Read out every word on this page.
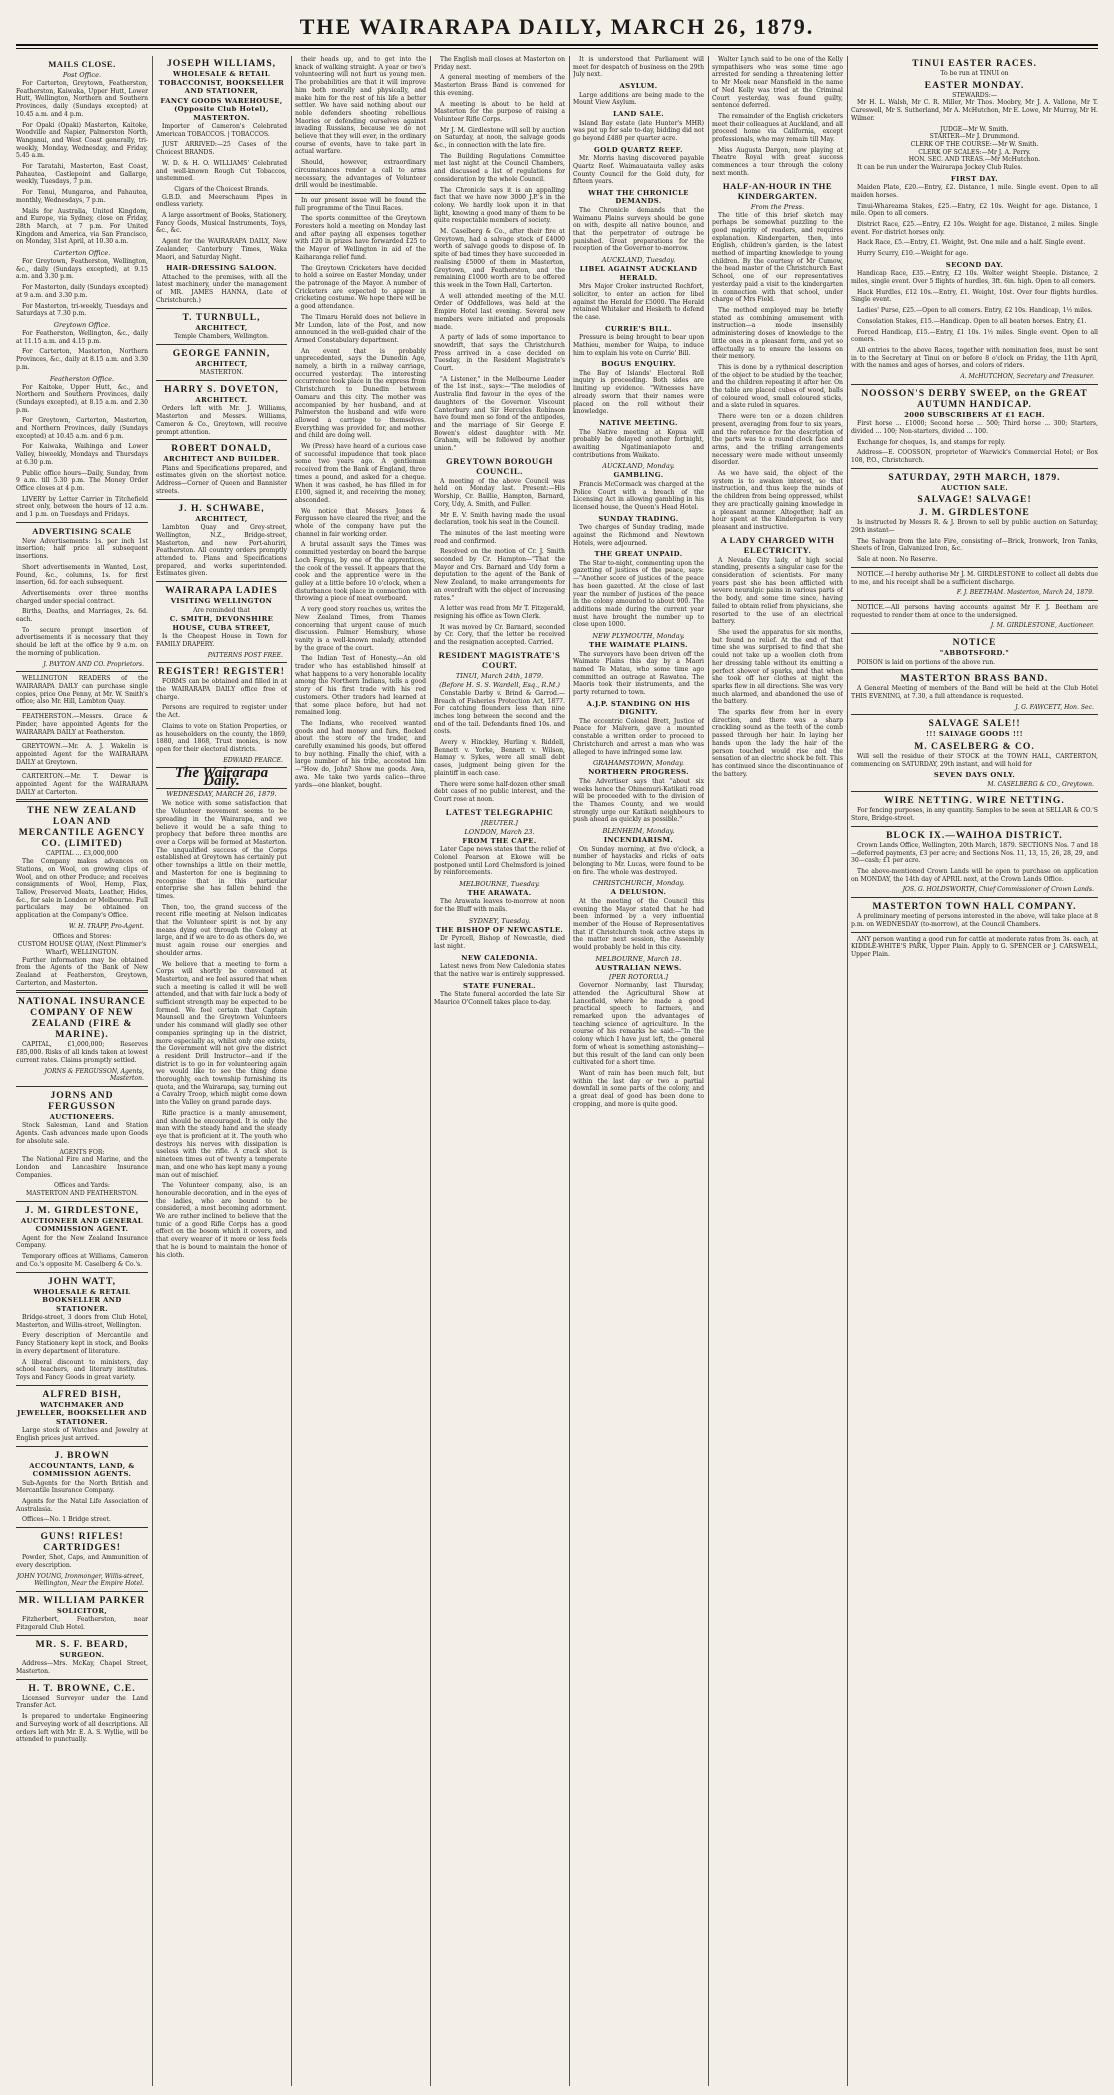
THE WAIRARAPA DAILY, MARCH 26, 1879.
MAILS CLOSE.
Post Office.
For Carterton, Greytown, Featherston, Featherston, Kaiwaka, Upper Hutt, Lower Hutt, Wellington, Northern and Southern Provinces, daily (Sundays excepted) at 10.45 a.m. and 4 p.m.
For Opaki (Opaki) Masterton, Kaitoke, Woodville and Napier, Palmerston North, Wanganui, and West Coast generally, tri-weekly, Monday, Wednesday, and Friday, 5.45 a.m.
For Taratahi, Masterton, East Coast, Pahautea, Castlepoint and Gallarge, weekly, Tuesdays, 7 p.m.
For Tenui, Mungaroa, and Pahautea, monthly, Wednesdays, 7 p.m.
Mails for Australia, United Kingdom, and Europe, via Sydney, close on Friday, 28th March, at 7 p.m. For United Kingdom and America, via San Francisco, on Monday, 31st April, at 10.30 a.m.
Carterton Office.
For Greytown, Featherston, Wellington, &c., daily (Sundays excepted), at 9.15 a.m. and 3.30 p.m.
For Masterton, daily (Sundays excepted) at 9 a.m. and 3.30 p.m.
For Masterton, tri-weekly, Tuesdays and Saturdays at 7.30 p.m.
Greytown Office.
For Featherston, Wellington, &c., daily at 11.15 a.m. and 4.15 p.m.
For Carterton, Masterton, Northern Provinces, &c., daily at 8.15 a.m. and 3.30 p.m.
Featherston Office.
For Kaitoke, Upper Hutt, &c., and Northern and Southern Provinces, daily (Sundays excepted), at 8.15 a.m. and 2.30 p.m.
For Greytown, Carterton, Masterton, and Northern Provinces, daily (Sundays excepted) at 10.45 a.m. and 6 p.m.
For Kaiwaka, Waihinga and Lower Valley, biweekly, Mondays and Thursdays at 6.30 p.m.
Public office hours—Daily, Sunday, from 9 a.m. till 5.30 p.m. The Money Order Office closes at 4 p.m.
LIVERY by Letter Carrier in Titchefield street only, between the hours of 12 a.m. and 1 p.m. on Tuesdays and Fridays.
ADVERTISING SCALE
New Advertisements: 1s. per inch 1st insertion; half price all subsequent insertions.
Short advertisements in Wanted, Lost, Found, &c., columns, 1s. for first insertion, 6d. for each subsequent.
Advertisements over three months charged under special contract.
Births, Deaths, and Marriages, 2s. 6d. each.
To secure prompt insertion of advertisements it is necessary that they should be left at the office by 9 a.m. on the morning of publication.
J. PAYTON AND CO. Proprietors.
WELLINGTON READERS of the WAIRARAPA DAILY can purchase single copies, price One Penny, at Mr. W. Smith's office; also Mr. Hill, Lambton Quay.
FEATHERSTON.—Messrs. Grace & Pinder, have appointed Agents for the WAIRARAPA DAILY at Featherston.
GREYTOWN.—Mr. A. J. Wakelin is appointed Agent for the WAIRARAPA DAILY at Greytown.
CARTERTON.—Mr. T. Dewar is appointed Agent for the WAIRARAPA DAILY at Carterton.
THE NEW ZEALAND LOAN AND MERCANTILE AGENCY CO. (LIMITED)
CAPITAL ... £3,000,000
The Company makes advances on Stations, on Wool, on growing clips of Wool, and on other Produce; and receives consignments of Wool, Hemp, Flax, Tallow, Preserved Meats, Leather, Hides, &c., for sale in London or Melbourne. Full particulars may be obtained on application at the Company's Office.
W. H. TRAPP, Pro-Agent.
Offices and Stores:
CUSTOM HOUSE QUAY, (Next Plimmer's Wharf), WELLINGTON.
Further information may be obtained from the Agents of the Bank of New Zealand at Featherston, Greytown, Carterton, and Masterton.
NATIONAL INSURANCE COMPANY OF NEW ZEALAND (FIRE & MARINE).
CAPITAL, £1,000,000; Reserves £85,000. Risks of all kinds taken at lowest current rates. Claims promptly settled.
JORNS & FERGUSSON, Agents, Masterton.
JORNS AND FERGUSSON
AUCTIONEERS.
Stock Salesman, Land and Station Agents. Cash advances made upon Goods for absolute sale.
AGENTS FOR:
The National Fire and Marine, and the London and Lancashire Insurance Companies.
Offices and Yards:
MASTERTON AND FEATHERSTON.
J. M. GIRDLESTONE,
AUCTIONEER AND GENERAL COMMISSION AGENT.
Agent for the New Zealand Insurance Company.
Temporary offices at Williams, Cameron and Co.'s opposite M. Caselberg & Co.'s.
JOHN WATT,
WHOLESALE & RETAIL BOOKSELLER AND STATIONER.
Bridge-street, 3 doors from Club Hotel, Masterton, and Willis-street, Wellington.
Every description of Mercantile and Fancy Stationery kept in stock, and Books in every department of literature.
A liberal discount to ministers, day school teachers, and literary institutes. Toys and Fancy Goods in great variety.
ALFRED BISH,
WATCHMAKER AND JEWELLER, BOOKSELLER AND STATIONER.
Large stock of Watches and Jewelry at English prices just arrived.
J. BROWN
ACCOUNTANTS, LAND, & COMMISSION AGENTS.
Sub-Agents for the North British and Mercantile Insurance Company.
Agents for the Natal Life Association of Australasia.
Offices—No. 1 Bridge street.
GUNS! RIFLES! CARTRIDGES!
Powder, Shot, Caps, and Ammunition of every description.
JOHN YOUNG, Ironmonger, Willis-street, Wellington, Near the Empire Hotel.
MR. WILLIAM PARKER
SOLICITOR,
Fitzherbert, Featherston, near Fitzgerald Club Hotel.
MR. S. F. BEARD,
SURGEON.
Address—Mrs. McKay, Chapel Street, Masterton.
H. T. BROWNE, C.E.
Licensed Surveyor under the Land Transfer Act.
Is prepared to undertake Engineering and Surveying work of all descriptions. All orders left with Mr. E. A. S. Wyllie, will be attended to punctually.
JOSEPH WILLIAMS,
WHOLESALE & RETAIL TOBACCONIST, BOOKSELLER AND STATIONER,
FANCY GOODS WAREHOUSE, (Opposite Club Hotel), MASTERTON.
Importer of Cameron's Celebrated American TOBACCOS. | TOBACCOS.
JUST ARRIVED:—25 Cases of the Choicest BRANDS.
W. D. & H. O. WILLIAMS' Celebrated and well-known Rough Cut Tobaccos, unstemmed.
Cigars of the Choicest Brands.
G.B.D. and Meerschaum Pipes in endless variety.
A large assortment of Books, Stationery, Fancy Goods, Musical Instruments, Toys, &c., &c.
Agent for the WAIRARAPA DAILY, New Zealander, Canterbury Times, Waka Maori, and Saturday Night.
HAIR-DRESSING SALOON.
Attached to the premises, with all the latest machinery, under the management of MR. JAMES HANNA, (Late of Christchurch.)
T. TURNBULL,
ARCHITECT,
Temple Chambers, Wellington.
GEORGE FANNIN,
ARCHITECT,
MASTERTON.
HARRY S. DOVETON,
ARCHITECT.
Orders left with Mr. J. Williams, Masterton and Messrs. Williams, Cameron & Co., Greytown, will receive prompt attention.
ROBERT DONALD,
ARCHITECT AND BUILDER.
Plans and Specifications prepared, and estimates given on the shortest notice. Address—Corner of Queen and Bannister streets.
J. H. SCHWABE,
ARCHITECT,
Lambton Quay and Grey-street, Wellington, N.Z., Bridge-street, Masterton, and new Port-ahuriri, Featherston. All country orders promptly attended to. Plans and Specifications prepared, and works superintended. Estimates given.
WAIRARAPA LADIES
VISITING WELLINGTON
Are reminded that
C. SMITH, DEVONSHIRE HOUSE, CUBA STREET,
Is the Cheapest House in Town for FAMILY DRAPERY.
PATTERNS POST FREE.
REGISTER! REGISTER!
FORMS can be obtained and filled in at the WAIRARAPA DAILY office free of charge.
Persons are required to register under the Act.
Claims to vote on Station Properties, or as householders on the county, the 1869, 1880, and 1868, Trust monies, is now open for their electoral districts.
EDWARD PEARCE.
The Wairarapa Daily.
WEDNESDAY, MARCH 26, 1879.
We notice with some satisfaction that the Volunteer movement seems to be spreading in the Wairarapa, and we believe it would be a safe thing to prophecy that before three months are over a Corps will be formed at Masterton. The unqualified success of the Corps established at Greytown has certainly put other townships a little on their mettle, and Masterton for one is beginning to recognise that in this particular enterprise she has fallen behind the times.
Then, too, the grand success of the recent rifle meeting at Nelson indicates that the Volunteer spirit is not by any means dying out through the Colony at large, and if we are to do as others do, we must again rouse our energies and shoulder arms.
We believe that a meeting to form a Corps will shortly be convened at Masterton, and we feel assured that when such a meeting is called it will be well attended, and that with fair luck a body of sufficient strength may be expected to be formed. We feel certain that Captain Maunsell and the Greytown Volunteers under his command will gladly see other companies springing up in the district, more especially as, whilst only one exists, the Government will not give the district a resident Drill Instructor—and if the district is to go in for volunteering again we would like to see the thing done thoroughly, each township furnishing its quota, and the Wairarapa, say, turning out a Cavalry Troop, which might come down into the Valley on grand parade days.
Rifle practice is a manly amusement, and should be encouraged. It is only the man with the steady hand and the steady eye that is proficient at it. The youth who destroys his nerves with dissipation is useless with the rifle. A crack shot is nineteen times out of twenty a temperate man, and one who has kept many a young man out of mischief.
The Volunteer company, also, is an honourable decoration, and in the eyes of the ladies, who are bound to be considered, a most becoming adornment. We are rather inclined to believe that the tunic of a good Rifle Corps has a good effect on the bosom which it covers, and that every wearer of it more or less feels that he is bound to maintain the honor of his cloth.
their heads up, and to get into the knack of walking straight. A year or two's volunteering will not hurt us young men. The probabilities are that it will improve him both morally and physically, and make him for the rest of his life a better settler. We have said nothing about our noble defenders shooting rebellious Maories or defending ourselves against invading Russians, because we do not believe that they will ever, in the ordinary course of events, have to take part in actual warfare.
Should, however, extraordinary circumstances render a call to arms necessary, the advantages of Volunteer drill would be inestimable.
In our present issue will be found the full programme of the Tinui Races.
The sports committee of the Greytown Foresters hold a meeting on Monday last and after paying all expenses together with £20 in prizes have forwarded £25 to the Mayor of Wellington in aid of the Kaiharanga relief fund.
The Greytown Cricketers have decided to hold a soiree on Easter Monday, under the patronage of the Mayor. A number of Cricketers are expected to appear in cricketing costume. We hope there will be a good attendance.
The Timaru Herald does not believe in Mr Lundon, late of the Post, and now announced in the well-guided chair of the Armed Constabulary department.
An event that is probably unprecedented, says the Dunedin Age, namely, a birth in a railway carriage, occurred yesterday. The interesting occurrence took place in the express from Christchurch to Dunedin between Oamaru and this city. The mother was accompanied by her husband, and at Palmerston the husband and wife were allowed a carriage to themselves. Everything was provided for, and mother and child are doing well.
We (Press) have heard of a curious case of successful impudence that took place some two years ago. A gentleman received from the Bank of England, three times a pound, and asked for a cheque. When it was cashed, he has filled in for £100, signed it, and receiving the money, absconded.
We notice that Messrs Jones & Fergusson have cleared the river, and the whole of the company have put the channel in fair working order.
A brutal assault says the Times was committed yesterday on board the barque Loch Fergus, by one of the apprentices, the cook of the vessel. It appears that the cook and the apprentice were in the galley at a little before 10 o'clock, when a disturbance took place in connection with throwing a piece of meat overboard.
A very good story reaches us, writes the New Zealand Times, from Thames concerning that urgent cause of much discussion. Palmer Hemsbury, whose vanity is a well-known malady, attended by the grace of the court.
The Indian Test of Honesty.—An old trader who has established himself at what happens to a very honorable locality among the Northern Indians, tells a good story of his first trade with his red customers. Other traders had learned at that some place before, but had not remained long.
The Indians, who received wanted goods and had money and furs, flocked about the store of the trader, and carefully examined his goods, but offered to buy nothing. Finally the chief, with a large number of his tribe, accosted him—"How do, John? Show me goods. Awa, awa. Me take two yards calico—three yards—one blanket, bought.
The English mail closes at Masterton on Friday next.
A general meeting of members of the Masterton Brass Band is convened for this evening.
A meeting is about to be held at Masterton for the purpose of raising a Volunteer Rifle Corps.
Mr J. M. Girdlestone will sell by auction on Saturday, at noon, the salvage goods &c., in connection with the late fire.
The Building Regulations Committee met last night at the Council Chambers, and discussed a list of regulations for consideration by the whole Council.
The Chronicle says it is an appalling fact that we have now 3000 J.P.'s in the colony. We hardly look upon it in that light, knowing a good many of them to be quite respectable members of society.
M. Caselberg & Co., after their fire at Greytown, had a salvage stock of £4000 worth of salvage goods to dispose of. In spite of bad times they have succeeded in realising £5000 of them in Masterton, Greytown, and Featherston, and the remaining £1000 worth are to be offered this week in the Town Hall, Carterton.
A well attended meeting of the M.U. Order of Oddfellows, was held at the Empire Hotel last evening. Several new members were initiated and proposals made.
A party of lads of some importance to snowdrift, that says the Christchurch Press arrived in a case decided on Tuesday, in the Resident Magistrate's Court.
"A Listener," in the Melbourne Leader of the 1st inst., says:—"The melodies of Australia find favour in the eyes of the daughters of the Governor. Viscount Canterbury and Sir Hercules Robinson have found men so fond of the antipodes, and the marriage of Sir George F. Bowen's eldest daughter with Mr. Graham, will be followed by another union."
GREYTOWN BOROUGH COUNCIL.
A meeting of the above Council was held on Monday last. Present:—His Worship, Cr. Baillie, Hampton, Barnard, Cory, Udy, A. Smith, and Fuller.
Mr E. V. Smith having made the usual declaration, took his seat in the Council.
The minutes of the last meeting were read and confirmed.
Resolved on the motion of Cr. J. Smith seconded by Cr. Hampton—"That the Mayor and Crs. Barnard and Udy form a deputation to the agent of the Bank of New Zealand, to make arrangements for an overdraft with the object of increasing rates."
A letter was read from Mr T. Fitzgerald, resigning his office as Town Clerk.
It was moved by Cr. Barnard, seconded by Cr. Cory, that the letter be received and the resignation accepted. Carried.
RESIDENT MAGISTRATE'S COURT.
TINUI, March 24th, 1879.
(Before H. S. S. Wardell, Esq., R.M.)
Constable Darby v. Brind & Garrod.—Breach of Fisheries Protection Act, 1877. For catching flounders less than nine inches long between the second and the end of the tail. Defendants fined 10s. and costs.
Avery v. Hinckley, Hurling v. Riddell, Bennett v. Yorke, Bennett v. Wilson, Hamay v. Sykes, were all small debt cases, judgment being given for the plaintiff in each case.
There were some half-dozen other small debt cases of no public interest, and the Court rose at noon.
LATEST TELEGRAPHIC
[REUTER.]
LONDON, March 23.
FROM THE CAPE.
Later Cape news states that the relief of Colonel Pearson at Ekowe will be postponed until Lord Chelmsford is joined by reinforcements.
MELBOURNE, Tuesday.
THE ARAWATA.
The Arawata leaves to-morrow at noon for the Bluff with mails.
SYDNEY, Tuesday.
THE BISHOP OF NEWCASTLE.
Dr Pyrcell, Bishop of Newcastle, died last night.
NEW CALEDONIA.
Latest news from New Caledonia states that the native war is entirely suppressed.
STATE FUNERAL.
The State funeral accorded the late Sir Maurice O'Connell takes place to-day.
It is understood that Parliament will meet for despatch of business on the 29th July next.
ASYLUM.
Large additions are being made to the Mount View Asylum.
LAND SALE.
Island Bay estate (late Hunter's MHR) was put up for sale to-day, bidding did not go beyond £480 per quarter acre.
GOLD QUARTZ REEF.
Mr. Morris having discovered payable Quartz Reef. Waimauatauta valley asks County Council for the Gold duty, for fifteen years.
WHAT THE CHRONICLE DEMANDS.
The Chronicle demands that the Waimanu Plains surveys should be gone on with, despite all native bounce, and that the perpetrator of outrage be punished. Great preparations for the reception of the Governor to-morrow.
AUCKLAND, Tuesday.
LIBEL AGAINST AUCKLAND HERALD.
Mrs Major Croker instructed Rochfort, solicitor, to enter an action for libel against the Herald for £5000. The Herald retained Whitaker and Hesketh to defend the case.
CURRIE'S BILL.
Pressure is being brought to bear upon Mathieu, member for Waipa, to induce him to explain his vote on Currie' Bill.
BOGUS ENQUIRY.
The Bay of Islands' Electoral Roll inquiry is proceeding. Both sides are limiting up evidence. "Witnesses have already sworn that their names were placed on the roll without their knowledge.
NATIVE MEETING.
The Native meeting at Kopua will probably be delayed another fortnight, awaiting Ngatimaniapoto and contributions from Waikato.
AUCKLAND, Monday.
GAMBLING.
Francis McCormack was charged at the Police Court with a breach of the Licensing Act in allowing gambling in his licensed house, the Queen's Head Hotel.
SUNDAY TRADING.
Two charges of Sunday trading, made against the Richmond and Newtown Hotels, were adjourned.
THE GREAT UNPAID.
The Star to-night, commenting upon the gazetting of justices of the peace, says:—"Another score of justices of the peace has been gazetted. At the close of last year the number of justices of the peace in the colony amounted to about 900. The additions made during the current year must have brought the number up to close upon 1000.
NEW PLYMOUTH, Monday.
THE WAIMATE PLAINS.
The surveyors have been driven off the Waimate Plains this day by a Maori named Te Matau, who some time ago committed an outrage at Rawatea. The Maoris took their instruments, and the party returned to town.
A.J.P. STANDING ON HIS DIGNITY.
The eccentric Colonel Brett, Justice of Peace for Malvern, gave a mounted constable a written order to proceed to Christchurch and arrest a man who was alleged to have infringed some law.
GRAHAMSTOWN, Monday.
NORTHERN PROGRESS.
The Advertiser says that "about six weeks hence the Ohinemuri-Katikati road will be proceeded with to the division of the Thames County, and we would strongly urge our Katikati neighbours to push ahead as quickly as possible."
BLENHEIM, Monday.
INCENDIARISM.
On Sunday morning, at five o'clock, a number of haystacks and ricks of oats belonging to Mr. Lucas, were found to be on fire. The whole was destroyed.
CHRISTCHURCH, Monday.
A DELUSION.
At the meeting of the Council this evening the Mayor stated that he had been informed by a very influential member of the House of Representatives that if Christchurch took active steps in the matter next session, the Assembly would probably be held in this city.
MELBOURNE, March 18.
AUSTRALIAN NEWS.
[PER ROTORUA.]
Governor Normanby, last Thursday, attended the Agricultural Show at Lancefield, where he made a good practical speech to farmers, and remarked upon the advantages of teaching science of agriculture. In the course of his remarks he said:—"In the colony which I have just left, the general form of wheat is something astonishing—but this result of the land can only been cultivated for a short time.
Want of rain has been much felt, but within the last day or two a partial downfall in some parts of the colony, and a great deal of good has been done to cropping, and more is quite good.
Walter Lynch said to be one of the Kelly sympathisers who was some time ago arrested for sending a threatening letter to Mr Meek near Mansfield in the name of Ned Kelly was tried at the Criminal Court yesterday, was found guilty, sentence deferred.
The remainder of the English cricketers meet their colleagues at Auckland, and all proceed home via California, except professionals, who may remain till May.
Miss Augusta Dargon, now playing at Theatre Royal with great success commences a tour through the colony next month.
HALF-AN-HOUR IN THE KINDERGARTEN.
From the Press.
The title of this brief sketch may perhaps be somewhat puzzling to the good majority of readers, and requires explanation. Kindergarten, then, into English, children's garden, is the latest method of imparting knowledge to young children. By the courtesy of Mr Cumow, the head master of the Christchurch East School, one of our representatives yesterday paid a visit to the kindergarten in connection with that school, under charge of Mrs Field.
The method employed may be briefly stated as combining amusement with instruction—a mode insensibly administering doses of knowledge to the little ones in a pleasant form, and yet so effectually as to ensure the lessons on their memory.
This is done by a rythmical description of the object to be studied by the teacher, and the children repeating it after her. On the table are placed cubes of wood, balls of coloured wood, small coloured sticks, and a slate ruled in squares.
There were ten or a dozen children present, averaging from four to six years, and the reference for the description of the parts was to a round clock face and arms, and the trifling arrangements necessary were made without unseemly disorder.
As we have said, the object of the system is to awaken interest, so that instruction, and thus keep the minds of the children from being oppressed, whilst they are practically gaining knowledge in a pleasant manner. Altogether, half an hour spent at the Kindergarten is very pleasant and instructive.
A LADY CHARGED WITH ELECTRICITY.
A Nevada City lady, of high social standing, presents a singular case for the consideration of scientists. For many years past she has been afflicted with severe neuralgic pains in various parts of the body, and some time since, having failed to obtain relief from physicians, she resorted to the use of an electrical battery.
She used the apparatus for six months, but found no relief. At the end of that time she was surprised to find that she could not take up a woollen cloth from her dressing table without its emitting a perfect shower of sparks, and that when she took off her clothes at night the sparks flew in all directions. She was very much alarmed, and abandoned the use of the battery.
The sparks flew from her in every direction, and there was a sharp crackling sound as the teeth of the comb passed through her hair. In laying her hands upon the lady the hair of the person touched would rise and the sensation of an electric shock be felt. This has continued since the discontinuance of the battery.
TINUI EASTER RACES.
To be run at TINUI on
EASTER MONDAY.
STEWARDS:—
Mr H. L. Walsh, Mr C. R. Miller, Mr Thos. Moobry, Mr J. A. Vallone, Mr T. Careswell, Mr S. Sutherland, Mr A. McHutchon, Mr E. Lowe, Mr Murray, Mr H. Wilmer.
JUDGE—Mr W. Smith.
STARTER—Mr J. Drummond.
CLERK OF THE COURSE:—Mr W. Smith.
CLERK OF SCALES:—Mr J. A. Perry.
HON. SEC. AND TREAS.—Mr McHutchon.
It can be run under the Wairarapa Jockey Club Rules.
FIRST DAY.
Maiden Plate, £20.—Entry, £2. Distance, 1 mile. Single event. Open to all maiden horses.
Tinui-Whareama Stakes, £25.—Entry, £2 10s. Weight for age. Distance, 1 mile. Open to all comers.
District Race, £25.—Entry, £2 10s. Weight for age. Distance, 2 miles. Single event. For district horses only.
Hack Race, £5.—Entry, £1. Weight, 9st. One mile and a half. Single event.
Hurry Scurry, £10.—Weight for age.
SECOND DAY.
Handicap Race, £35.—Entry, £2 10s. Welter weight Steeple. Distance, 2 miles, single event. Over 5 flights of hurdles, 3ft. 6in. high. Open to all comers.
Hack Hurdles, £12 10s.—Entry, £1. Weight, 10st. Over four flights hurdles. Single event.
Ladies' Purse, £25.—Open to all comers. Entry, £2 10s. Handicap, 1½ miles.
Consolation Stakes, £15.—Handicap. Open to all beaten horses. Entry, £1.
Forced Handicap, £15.—Entry, £1 10s. 1½ miles. Single event. Open to all comers.
All entries to the above Races, together with nomination fees, must be sent in to the Secretary at Tinui on or before 8 o'clock on Friday, the 11th April, with the names and ages of horses, and colors of riders.
A. McHUTCHON, Secretary and Treasurer.
NOOSSON'S DERBY SWEEP, on the GREAT AUTUMN HANDICAP.
2000 SUBSCRIBERS AT £1 EACH.
First horse ... £1000; Second horse ... 500; Third horse ... 300; Starters, divided ... 100; Non-starters, divided ... 100.
Exchange for cheques, 1s, and stamps for reply.
Address—E. COOSSON, proprietor of Warwick's Commercial Hotel; or Box 108, P.O., Christchurch.
SATURDAY, 29TH MARCH, 1879.
AUCTION SALE.
SALVAGE! SALVAGE!
J. M. GIRDLESTONE
Is instructed by Messrs R. & J. Brown to sell by public auction on Saturday, 29th instant—
The Salvage from the late Fire, consisting of—Brick, Ironwork, Iron Tanks, Sheets of Iron, Galvanized Iron, &c.
Sale at noon. No Reserve.
NOTICE.—I hereby authorise Mr J. M. GIRDLESTONE to collect all debts due to me, and his receipt shall be a sufficient discharge.
F. J. BEETHAM. Masterton, March 24, 1879.
NOTICE.—All persons having accounts against Mr F. J. Beetham are requested to render them at once to the undersigned.
J. M. GIRDLESTONE, Auctioneer.
NOTICE
"ABBOTSFORD."
POISON is laid on portions of the above run.
MASTERTON BRASS BAND.
A General Meeting of members of the Band will be held at the Club Hotel THIS EVENING, at 7.30, a full attendance is requested.
J. G. FAWCETT, Hon. Sec.
SALVAGE SALE!!
!!! SALVAGE GOODS !!!
M. CASELBERG & CO.
Will sell the residue of their STOCK at the TOWN HALL, CARTERTON, commencing on SATURDAY, 29th instant, and will hold for
SEVEN DAYS ONLY.
M. CASELBERG & CO., Greytown.
WIRE NETTING. WIRE NETTING.
For fencing purposes, in any quantity. Samples to be seen at SELLAR & CO.'S Store, Bridge-street.
BLOCK IX.—WAIHOA DISTRICT.
Crown Lands Office, Wellington, 20th March, 1879. SECTIONS Nos. 7 and 18—deferred payments, £3 per acre; and Sections Nos. 11, 13, 15, 26, 28, 29, and 30—cash; £1 per acre.
The above-mentioned Crown Lands will be open to purchase on application on MONDAY, the 14th day of APRIL next, at the Crown Lands Office.
JOS. G. HOLDSWORTH, Chief Commissioner of Crown Lands.
MASTERTON TOWN HALL COMPANY.
A preliminary meeting of persons interested in the above, will take place at 8 p.m. on WEDNESDAY (to-morrow), at the Council Chambers.
ANY person wanting a good run for cattle at moderate rates from 3s. each, at KIDDLE-WHITE'S PARK, Upper Plain. Apply to G. SPENCER or J. CARSWELL, Upper Plain.
